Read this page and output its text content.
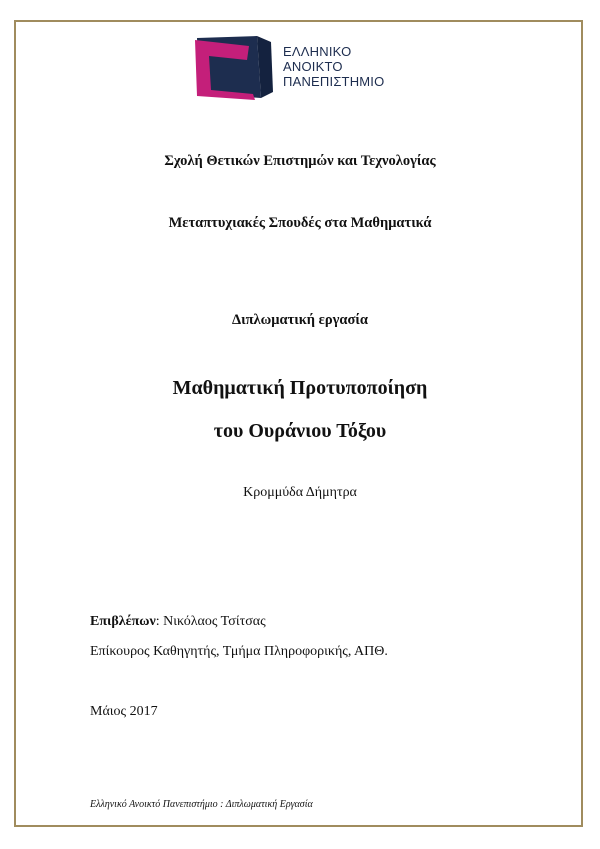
ΕΛΛΗΝΙΚΟ
ΑΝΟΙΚΤΟ
ΠΑΝΕΠΙΣΤΗΜΙΟ
Σχολή Θετικών Επιστημών και Τεχνολογίας
Μεταπτυχιακές Σπουδές στα Μαθηματικά
Διπλωματική εργασία
Μαθηματική Προτυποποίηση
του Ουράνιου Τόξου
Κρομμύδα Δήμητρα
Επιβλέπων: Νικόλαος Τσίτσας
Επίκουρος Καθηγητής, Τμήμα Πληροφορικής, ΑΠΘ.
Μάιος 2017
Ελληνικό Ανοικτό Πανεπιστήμιο : Διπλωματική Εργασία
